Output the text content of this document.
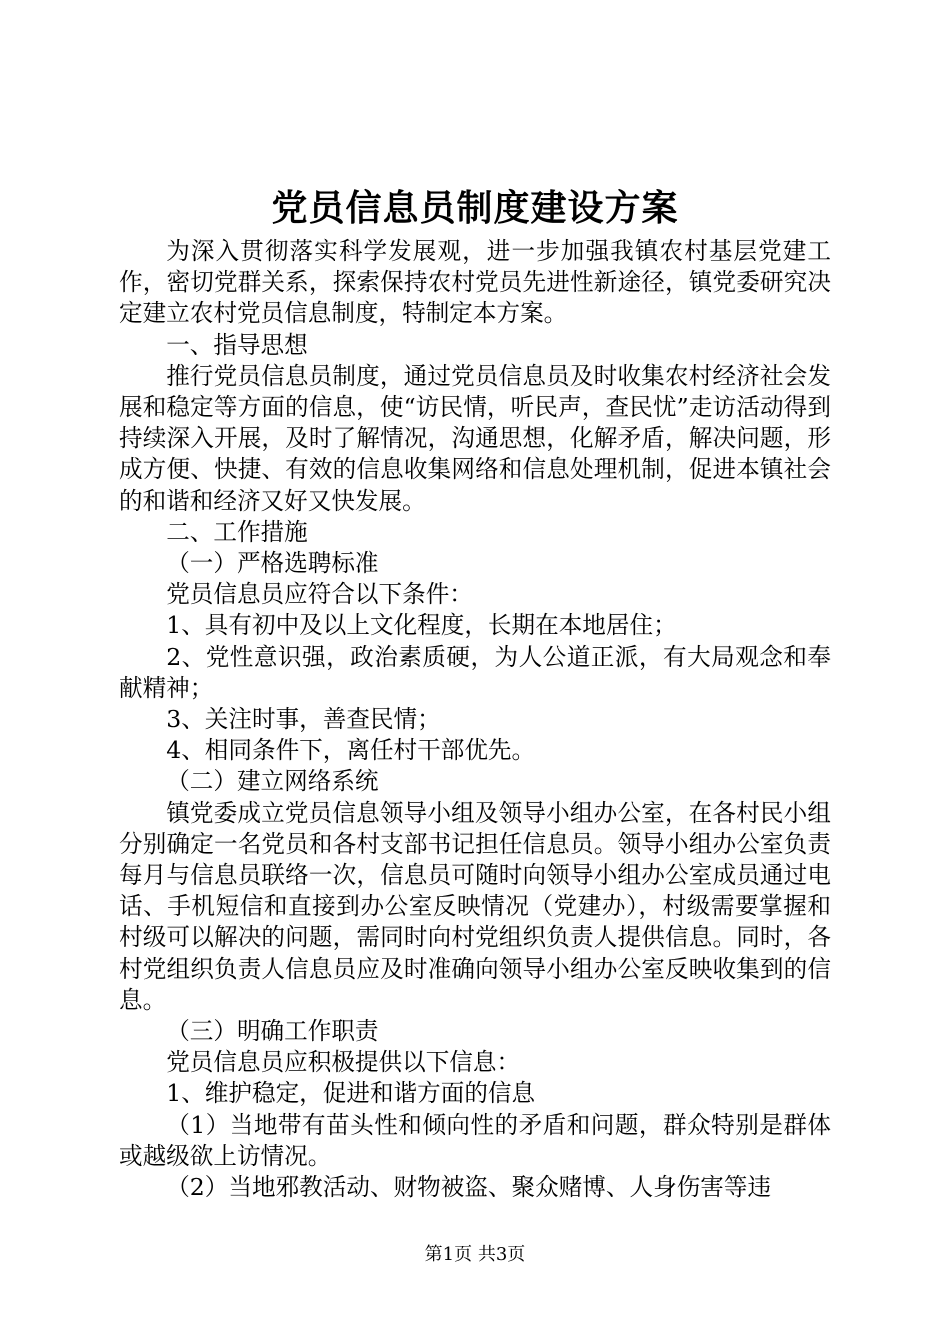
党员信息员制度建设方案

为深入贯彻落实科学发展观，进一步加强我镇农村基层党建工作，密切党群关系，探索保持农村党员先进性新途径，镇党委研究决定建立农村党员信息制度，特制定本方案。

一、指导思想

推行党员信息员制度，通过党员信息员及时收集农村经济社会发展和稳定等方面的信息，使“访民情，听民声，查民忧”走访活动得到持续深入开展，及时了解情况，沟通思想，化解矛盾，解决问题，形成方便、快捷、有效的信息收集网络和信息处理机制，促进本镇社会的和谐和经济又好又快发展。

二、工作措施

（一）严格选聘标准

党员信息员应符合以下条件：

1、具有初中及以上文化程度，长期在本地居住；

2、党性意识强，政治素质硬，为人公道正派，有大局观念和奉献精神；

3、关注时事，善查民情；

4、相同条件下，离任村干部优先。

（二）建立网络系统

镇党委成立党员信息领导小组及领导小组办公室，在各村民小组分别确定一名党员和各村支部书记担任信息员。领导小组办公室负责每月与信息员联络一次，信息员可随时向领导小组办公室成员通过电话、手机短信和直接到办公室反映情况（党建办），村级需要掌握和村级可以解决的问题，需同时向村党组织负责人提供信息。同时，各村党组织负责人信息员应及时准确向领导小组办公室反映收集到的信息。

（三）明确工作职责

党员信息员应积极提供以下信息：

1、维护稳定，促进和谐方面的信息

（1）当地带有苗头性和倾向性的矛盾和问题，群众特别是群体或越级欲上访情况。

（2）当地邪教活动、财物被盗、聚众赌博、人身伤害等违

第1页 共3页
